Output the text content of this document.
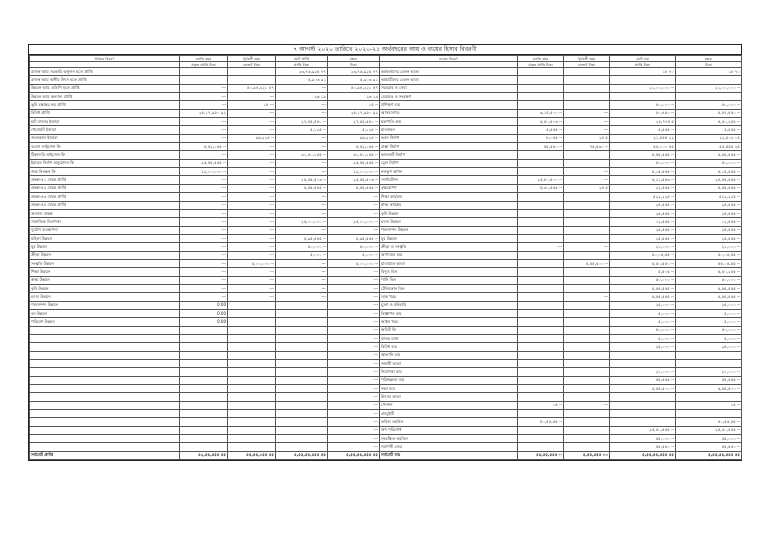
৭ আগস্ট ২০২০ তারিখে ২০২০-২১ অর্থবছরের আয় ও ব্যয়ের হিসাব বিবরণী
আয়ের বিবরণ	চলতি বছর	পূর্ববর্তী বছর	মোট প্রাপ্তি	মন্তব্য	ব্যয়ের বিবরণ	চলতি বছর	পূর্ববর্তী বছর	মোট ব্যয়	মন্তব্য
	প্রকৃত প্রাপ্তি টাকা	বাজেট টাকা	প্রাপ্তি টাকা	টাকা		প্রকৃত প্রাপ্তি টাকা	বাজেট টাকা	প্রাপ্তি টাকা	টাকা
রাজস্ব আয় সরকারি অনুদান হতে প্রাপ্তি			২৩,৭৬,৯২৫ ৭৭	২৩,৭৬,৯২৫ ৭৭	কর্মকর্তাদের বেতন ভাতা			১৮ ৭০	১৮ ৭০
রাজস্ব আয় স্থানীয় উৎস হতে প্রাপ্তি			৫,৯০৩ ৯১	৫,৯০৩ ৯১	কর্মচারীদের বেতন ভাতা				
উন্নয়ন আয় এডিপি হতে প্রাপ্তি	---	৫০,৯৪,২২১ ৫৭	---	৫০,৯৪,২২১ ৫৭	সরবরাহ ও সেবা			২১,০০,০০০ --	২১,০০,০০০ --
উন্নয়ন আয় অন্যান্য প্রাপ্তি	---	---	২৬ ১৯	২৬ ১৯	মেরামত ও সংরক্ষণ				
ভূমি হস্তান্তর কর প্রাপ্তি	---	১৫ ---	---	১৫ --	প্রশিক্ষণ ব্যয়			৫০,০০০ --	৫০,০০০ --
বিবিধ প্রাপ্তি	২৫,১৭,৯৫০ ৯২	---	---	২৫,১৭,৯৫০ ৯২	আসবাবপত্র	৩,১৫,৫০০ --	---	৫০,৪৫০ --	৫,৫৭,৫৫০ --
হাট বাজার ইজারা	---	---	২৭,৫৫,৫৫০ --	২৭,৫৫,৫৫০ --	যন্ত্রপাতি ক্রয়	৫,৫০,৫০৩ --	---	২৫,৭৭৫ ৫	৫,৫০,২৫৫ --
খেয়াঘাট ইজারা	---	---	৫,১২৫ --	৫,১২৫ --	যানবাহন	৫,৫৫৫ --	---	৫,৫৫৫ --	৫,৫৫৫ --
জলমহাল ইজারা	---	৯৬,২২৫ --	---	৯৬,২২৫ --	ভবন নির্মাণ	৮,০৫৫ --	২৫ ৫	২১,৫৫৫ ২২	২২,৫০২ ০৫
ব্যবসা লাইসেন্স ফি	৫,৫২,০৫৫ --	---	---	৫,৫২,০৫৫ --	রাস্তা নির্মাণ	৫৫,৫৫০ --	৭৫,৫৩০ --	৫৫,০০০ ৫৫	৫৫,৫৫৫ ২৫
ঠিকাদারি লাইসেন্স ফি	---	---	৩০,৫০,১৫৫ --	৩০,৫০,১৫৫ --	কালভার্ট নির্মাণ			৫,৫৫,৫৫৫ --	৫,৫৫,৫৫৫ --
ইমারত নির্মাণ অনুমোদন ফি	২৫,৫৫,৫৫৫ --	---	---	২৫,৫৫,৫৫৫ --	ড্রেন নির্মাণ			৫০,০০০ --	৫০,০০০ --
জন্ম নিবন্ধন ফি	২২,০০,০০০ --	---	---	২২,০০,০০০ --	নলকূপ স্থাপন		---	৫,০৫,৫৫৫ --	৫,০৫,৫৫৫ --
প্রকল্প-৫১ থেকে প্রাপ্তি	---	---	২৫,৫৫,৫০৩ --	২৫,৫৫,৫০৩ --	স্যানিটেশন	২৫,৫০,৫০০ --	---	৫,২১,৫৫৩ --	২৫,৫৫,৫৫৫ --
প্রকল্প-৫২ থেকে প্রাপ্তি	---	---	৫,৫৫,৫৫৫ --	৫,৫৫,৫৫৫ --	বৃক্ষরোপণ	৫,৩০,৫৫৫ --	২৫ ৫	২২,৫৫৫ --	৫,৫৫,৫৫৫ --
প্রকল্প-৫৩ থেকে প্রাপ্তি	---	---	---	---	শিক্ষা কার্যক্রম			৫২২,২২৫ --	৫২২,২২৫ --
প্রকল্প-৫৪ থেকে প্রাপ্তি	---	---	---	---	স্বাস্থ্য কার্যক্রম			২৫,৫৫৫ --	২৫,৫৫৫ --
অন্যান্য প্রকল্প	---	---	---	---	কৃষি উন্নয়ন			২৫,৫৫৫ --	২৫,৫৫৫ --
সামাজিক নিরাপত্তা	---	---	২৫,০০,০০০ --	২৫,০০,০০০ --	মৎস্য উন্নয়ন			১২,৫৫৫ --	১২,৫৫৫ --
দুর্যোগ ব্যবস্থাপনা	---	---	---	---	পশুসম্পদ উন্নয়ন			২৫,৫৫৫ --	২৫,৫৫৫ --
মহিলা উন্নয়ন	---	---	৫,৯৫,৫৫৫ --	৫,৯৫,৫৫৫ --	যুব উন্নয়ন			২৫,৫৫৫ --	২৫,৫৫৫ --
যুব উন্নয়ন	---	---	৫০,০০০ --	৫০,০০০ --	ক্রীড়া ও সংস্কৃতি	---	---	২১,০০০ --	২১,০০০ --
ক্রীড়া উন্নয়ন	---	---	৫,০০০ --	৫,০০০ --	আপ্যায়ন ব্যয়			৫০,০৫,৫৫ --	৫০,০৫,৫৫ --
সংস্কৃতি উন্নয়ন	---	৫,০০,০০০ --	---	৫,০০,০০০ --	যাতায়াত ভাতা		৫,৫৫,৫০০ --	৫,৫০,৫৫০ --	৫৫,০৫,৫৫ --
শিক্ষা উন্নয়ন	---	---	---	---	বিদ্যুৎ বিল			৫,৫০৫ --	৫,৫০,২৫৫ --
স্বাস্থ্য উন্নয়ন	---	---	---	---	পানি বিল			৫০,০০০ --	৫০,০০০ --
কৃষি উন্নয়ন	---	---	---	---	টেলিফোন বিল			৫,৫৫,৫৫৫ --	৫,৫৫,৫৫৫ --
মৎস্য উন্নয়ন	---	---	---	---	ডাক খরচ		---	৫,৫৫,৫৫৫ --	৫,৫৫,৫৫৫ --
পশুসম্পদ উন্নয়ন	0.00			---	মুদ্রণ ও মনিহারি			২৫,০০০ --	২৫,০০০ --
বন উন্নয়ন	0.00			---	বিজ্ঞাপন ব্যয়			৫,০০০ --	৫,০০০ --
পরিবেশ উন্নয়ন	0.00			---	আইন খরচ			৫,০০০ --	৫,০০০ --
				---	অডিট ফি			৫০,০০০ --	৫০,০০০ --
				---	ব্যাংক চার্জ			৫,০০০ --	৫,০০০ --
				---	বিবিধ ব্যয়			২৫,০০০ --	২৫,০০০ --
				---	জ্বালানি ব্যয়				
				---	সম্মানী ভাতা				
				---	নিরাপত্তা ব্যয়			২১,০০০ --	২১,০০০ --
				---	পরিচ্ছন্নতা ব্যয়			৫৫,৫৫৫ --	৫৫,৫৫৫ --
				---	সভা ব্যয়			৫,৫৫,৫০০ --	৫,৫৫,৫০০ --
				---	উৎসব ভাতা				
				---	পেনশন	১৫ --	---		১৫ --
				---	গ্র্যাচুইটি				
				---	ভবিষ্য তহবিল	৫০,৫৫,৫৫ --			৫০,৫৫,৫৫ --
				---	ঋণ পরিশোধ			২৫,৫০,৫৫৫ --	২৫,৫০,৫৫৫ --
				---	সংরক্ষিত তহবিল			৫৫,০০০ --	৫৫,০০০ --
				---	সমাপনী জের			৫৫,৫৫০ --	৫৫,৫৫০ --
সর্বমোট প্রাপ্তি	৫২,৫৫,৫৫৫ ৫৫	৫৫,৫৫,০৫৫ ৫৫	৫,৫৫,৫৫,৫৫৫ ৫৫	৫,৫৫,৫৫,৫৫৫ ৫৫	সর্বমোট ব্যয়	৫৫,৫৫,৫৫৫ --	৫,৫৫,৫৫৫ ০০	৫,৫৫,৫৫,৫৫৫ ৫৫	৫,৫৫,৫৫,৫৫৫ ৫৫
